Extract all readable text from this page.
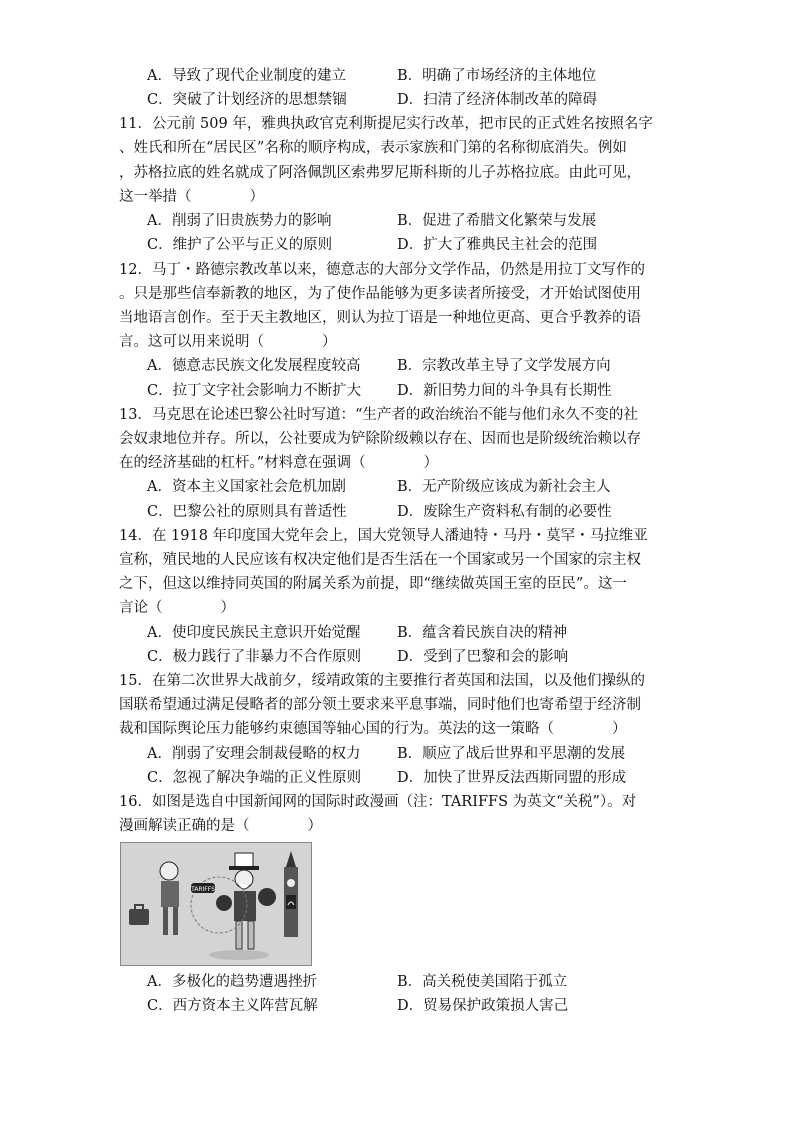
A．导致了现代企业制度的建立	B．明确了市场经济的主体地位
C．突破了计划经济的思想禁锢	D．扫清了经济体制改革的障碍
11．公元前 509 年，雅典执政官克利斯提尼实行改革，把市民的正式姓名按照名字
、姓氏和所在“居民区”名称的顺序构成，表示家族和门第的名称彻底消失。例如
，苏格拉底的姓名就成了阿洛佩凯区索弗罗尼斯科斯的儿子苏格拉底。由此可见，
这一举措（　　　　）
A．削弱了旧贵族势力的影响	B．促进了希腊文化繁荣与发展
C．维护了公平与正义的原则	D．扩大了雅典民主社会的范围
12．马丁・路德宗教改革以来，德意志的大部分文学作品，仍然是用拉丁文写作的
。只是那些信奉新教的地区，为了使作品能够为更多读者所接受，才开始试图使用
当地语言创作。至于天主教地区，则认为拉丁语是一种地位更高、更合乎教养的语
言。这可以用来说明（　　　　）
A．德意志民族文化发展程度较高	B．宗教改革主导了文学发展方向
C．拉丁文字社会影响力不断扩大 D．新旧势力间的斗争具有长期性
13．马克思在论述巴黎公社时写道：“生产者的政治统治不能与他们永久不变的社
会奴隶地位并存。所以，公社要成为铲除阶级赖以存在、因而也是阶级统治赖以存
在的经济基础的杠杆。”材料意在强调（　　　　）
A．资本主义国家社会危机加剧	B．无产阶级应该成为新社会主人
C．巴黎公社的原则具有普适性	D．废除生产资料私有制的必要性
14．在 1918 年印度国大党年会上，国大党领导人潘迪特・马丹・莫罕・马拉维亚
宣称，殖民地的人民应该有权决定他们是否生活在一个国家或另一个国家的宗主权
之下，但这以维持同英国的附属关系为前提，即“继续做英国王室的臣民”。这一
言论（　　　　）
A．使印度民族民主意识开始觉醒	B．蕴含着民族自决的精神
C．极力践行了非暴力不合作原则 D．受到了巴黎和会的影响
15．在第二次世界大战前夕，绥靖政策的主要推行者英国和法国，以及他们操纵的
国联希望通过满足侵略者的部分领土要求来平息事端，同时他们也寄希望于经济制
裁和国际舆论压力能够约束德国等轴心国的行为。英法的这一策略（　　　　）
A．削弱了安理会制裁侵略的权力	B．顺应了战后世界和平思潮的发展
C．忽视了解决争端的正义性原则 D．加快了世界反法西斯同盟的形成
16．如图是选自中国新闻网的国际时政漫画（注：TARIFFS 为英文“关税”）。对
漫画解读正确的是（　　　　）
TARIFFS
A．多极化的趋势遭遇挫折	B．高关税使美国陷于孤立
C．西方资本主义阵营瓦解	D．贸易保护政策损人害己
